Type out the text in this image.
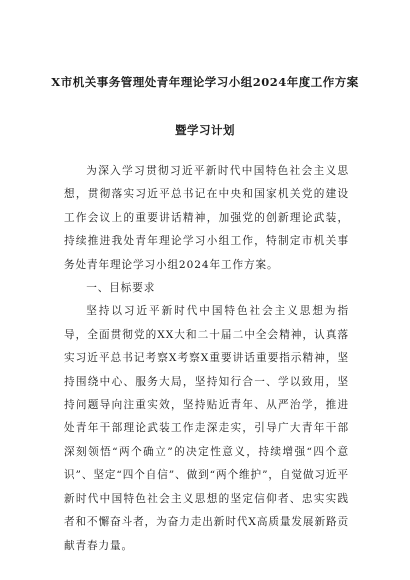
X市机关事务管理处青年理论学习小组2024年度工作方案
暨学习计划

为深入学习贯彻习近平新时代中国特色社会主义思想，贯彻落实习近平总书记在中央和国家机关党的建设工作会议上的重要讲话精神，加强党的创新理论武装，持续推进我处青年理论学习小组工作，特制定市机关事务处青年理论学习小组2024年工作方案。

一、目标要求

坚持以习近平新时代中国特色社会主义思想为指导，全面贯彻党的XX大和二十届二中全会精神，认真落实习近平总书记考察X考察X重要讲话重要指示精神，坚持围绕中心、服务大局，坚持知行合一、学以致用，坚持问题导向注重实效，坚持贴近青年、从严治学，推进处青年干部理论武装工作走深走实，引导广大青年干部深刻领悟“两个确立”的决定性意义，持续增强“四个意识”、坚定“四个自信”、做到“两个维护”，自觉做习近平新时代中国特色社会主义思想的坚定信仰者、忠实实践者和不懈奋斗者，为奋力走出新时代X高质量发展新路贡献青春力量。
